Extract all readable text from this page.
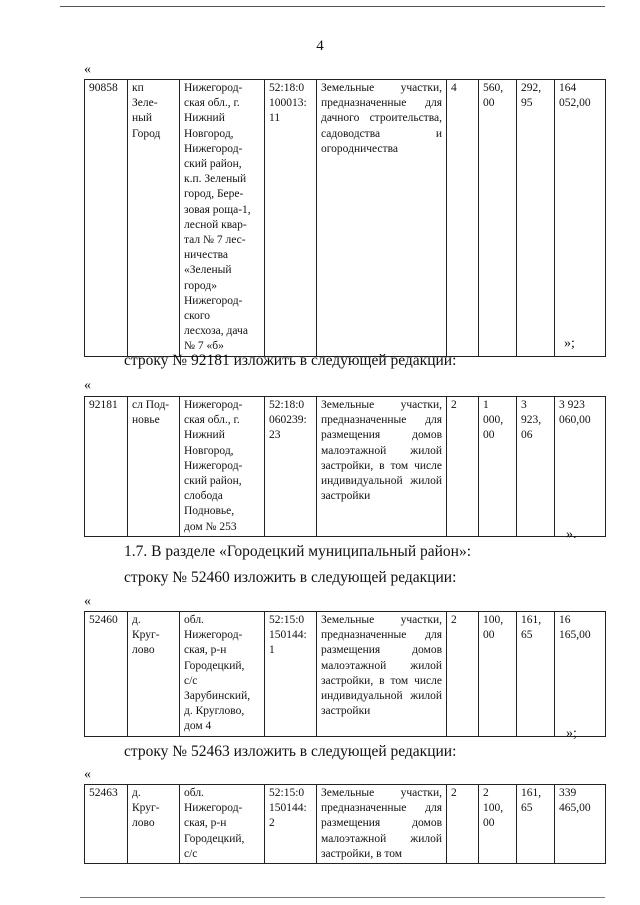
4
«
90858	кп
Зеле-
ный
Город	Нижегород-
ская обл., г.
Нижний
Новгород,
Нижегород-
ский район,
к.п. Зеленый
город, Бере-
зовая роща-1,
лесной квар-
тал № 7 лес-
ничества
«Зеленый
город»
Нижегород-
ского
лесхоза, дача
№ 7 «б»	52:18:0
100013:
11	Земельные участки, предназначенные для дачного строительства, садоводства и огородничества	4	560,
00	292,
95	164
052,00
»;
строку № 92181 изложить в следующей редакции:
«
92181	сл Под-
новье	Нижегород-
ская обл., г.
Нижний
Новгород,
Нижегород-
ский район,
слобода
Подновье,
дом № 253	52:18:0
060239:
23	Земельные участки, предназначенные для размещения домов малоэтажной жилой застройки, в том числе индивидуальной жилой застройки	2	1
000,
00	3
923,
06	3 923
060,00
».
1.7. В разделе «Городецкий муниципальный район»:
строку № 52460 изложить в следующей редакции:
«
52460	д.
Круг-
лово	обл.
Нижегород-
ская, р-н
Городецкий,
с/с
Зарубинский,
д. Круглово,
дом 4	52:15:0
150144:
1	Земельные участки, предназначенные для размещения домов малоэтажной жилой застройки, в том числе индивидуальной жилой застройки	2	100,
00	161,
65	16
165,00
»;
строку № 52463 изложить в следующей редакции:
«
52463	д.
Круг-
лово	обл.
Нижегород-
ская, р-н
Городецкий,
с/с	52:15:0
150144:
2	Земельные участки, предназначенные для размещения домов малоэтажной жилой застройки, в том	2	2
100,
00	161,
65	339
465,00
